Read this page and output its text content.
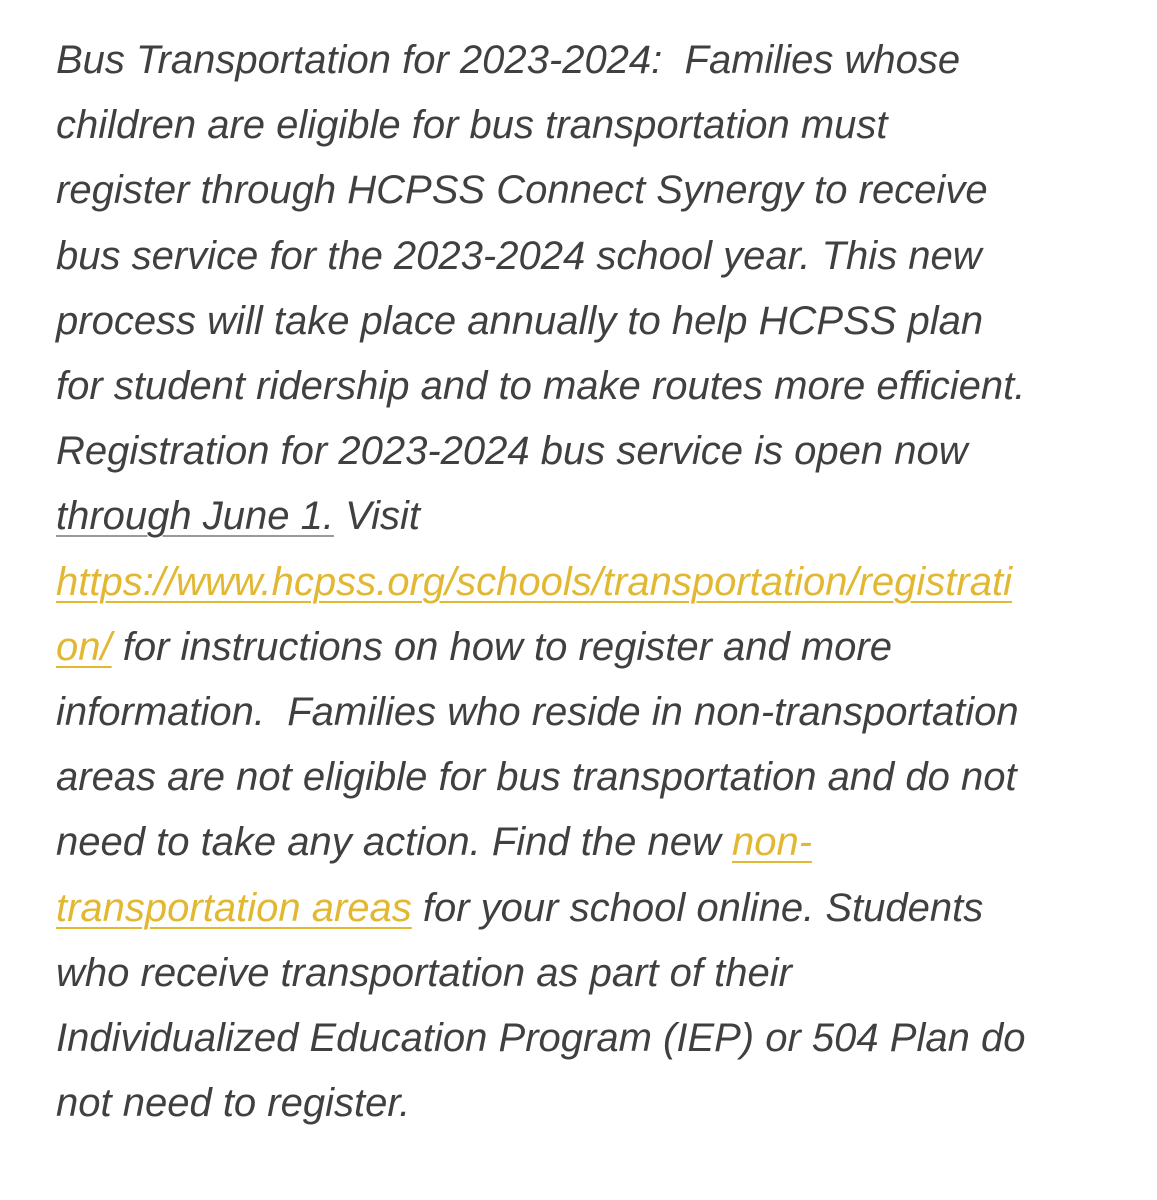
Bus Transportation for 2023-2024:  Families whose
children are eligible for bus transportation must
register through HCPSS Connect Synergy to receive
bus service for the 2023-2024 school year. This new
process will take place annually to help HCPSS plan
for student ridership and to make routes more efficient.
Registration for 2023-2024 bus service is open now
through June 1. Visit
https://www.hcpss.org/schools/transportation/registrati
on/ for instructions on how to register and more
information.  Families who reside in non-transportation
areas are not eligible for bus transportation and do not
need to take any action. Find the new non-
transportation areas for your school online. Students
who receive transportation as part of their
Individualized Education Program (IEP) or 504 Plan do
not need to register.
